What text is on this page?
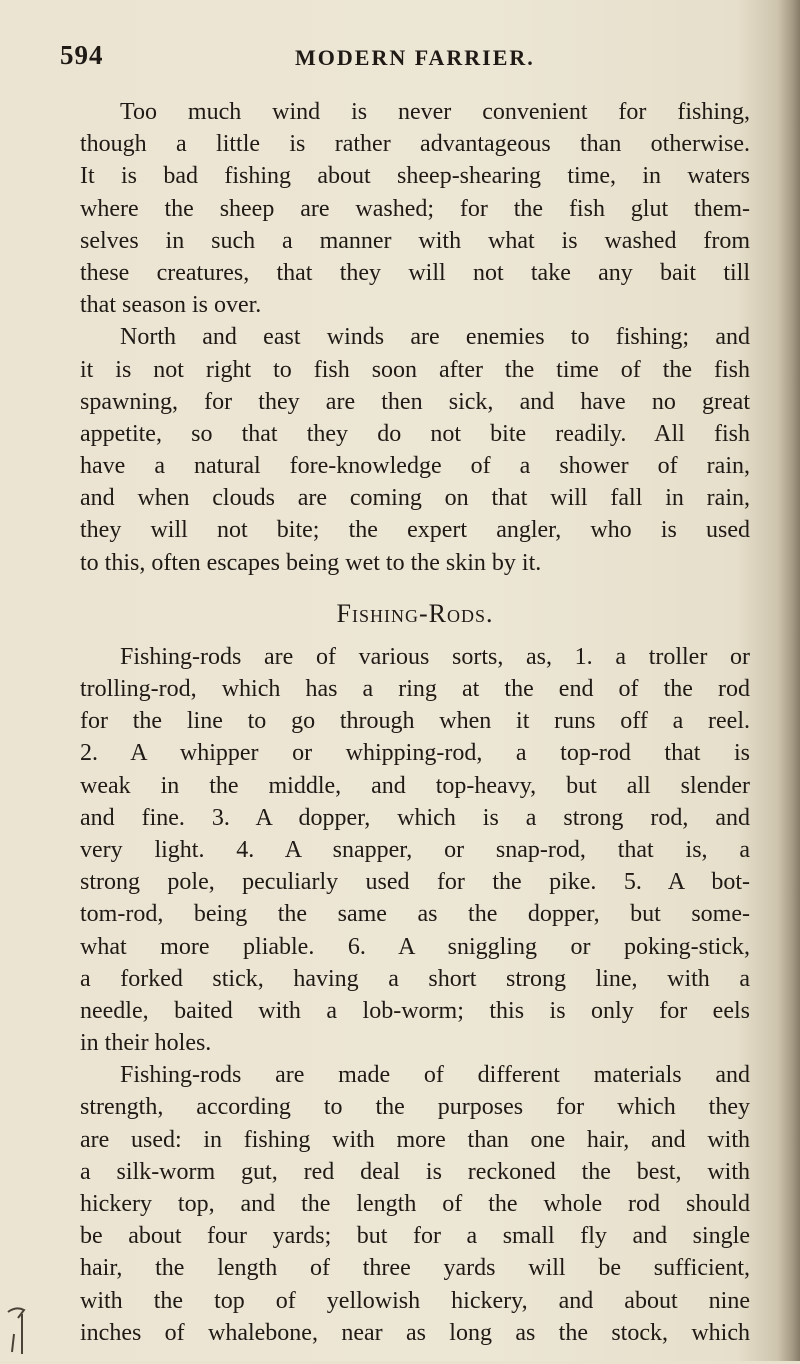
594	MODERN FARRIER.
Too much wind is never convenient for fishing,
though a little is rather advantageous than otherwise.
It is bad fishing about sheep-shearing time, in waters
where the sheep are washed; for the fish glut them-
selves in such a manner with what is washed from
these creatures, that they will not take any bait till
that season is over.
North and east winds are enemies to fishing; and
it is not right to fish soon after the time of the fish
spawning, for they are then sick, and have no great
appetite, so that they do not bite readily. All fish
have a natural fore-knowledge of a shower of rain,
and when clouds are coming on that will fall in rain,
they will not bite; the expert angler, who is used
to this, often escapes being wet to the skin by it.
Fishing-Rods.
Fishing-rods are of various sorts, as, 1. a troller or
trolling-rod, which has a ring at the end of the rod
for the line to go through when it runs off a reel.
2. A whipper or whipping-rod, a top-rod that is
weak in the middle, and top-heavy, but all slender
and fine. 3. A dopper, which is a strong rod, and
very light. 4. A snapper, or snap-rod, that is, a
strong pole, peculiarly used for the pike. 5. A bot-
tom-rod, being the same as the dopper, but some-
what more pliable. 6. A sniggling or poking-stick,
a forked stick, having a short strong line, with a
needle, baited with a lob-worm; this is only for eels
in their holes.
Fishing-rods are made of different materials and
strength, according to the purposes for which they
are used: in fishing with more than one hair, and with
a silk-worm gut, red deal is reckoned the best, with
hickery top, and the length of the whole rod should
be about four yards; but for a small fly and single
hair, the length of three yards will be sufficient,
with the top of yellowish hickery, and about nine
inches of whalebone, near as long as the stock, which
